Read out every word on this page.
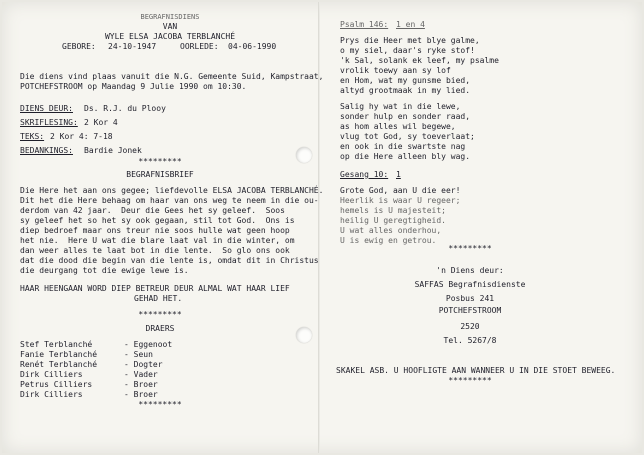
BEGRAFNISDIENS
VAN
WYLE ELSA JACOBA TERBLANCHÉ
GEBORE: 24-10-1947	OORLEDE: 04-06-1990
Die diens vind plaas vanuit die N.G. Gemeente Suid, Kampstraat,
POTCHEFSTROOM op Maandag 9 Julie 1990 om 10:30.
DIENS DEUR: Ds. R.J. du Plooy
SKRIFLESING: 2 Kor 4
TEKS: 2 Kor 4: 7-18
BEDANKINGS: Bardie Jonek
*********
BEGRAFNISBRIEF
Die Here het aan ons gegee; liefdevolle ELSA JACOBA TERBLANCHÉ.
Dit het die Here behaag om haar van ons weg te neem in die ou-
derdom van 42 jaar.  Deur die Gees het sy geleef.  Soos
sy geleef het so het sy ook gegaan, stil tot God.  Ons is
diep bedroef maar ons treur nie soos hulle wat geen hoop
het nie.  Here U wat die blare laat val in die winter, om
dan weer alles te laat bot in die lente.  So glo ons ook
dat die dood die begin van die lente is, omdat dit in Christus
die deurgang tot die ewige lewe is.
HAAR HEENGAAN WORD DIEP BETREUR DEUR ALMAL WAT HAAR LIEF
GEHAD HET.
*********
DRAERS
Stef Terblanché	- Eggenoot
Fanie Terblanché	- Seun
Renét Terblanché	- Dogter
Dirk Cilliers	- Vader
Petrus Cilliers	- Broer
Dirk Cilliers	- Broer
*********
Psalm 146: 1 en 4
Prys die Heer met blye galme,
o my siel, daar's ryke stof!
'k Sal, solank ek leef, my psalme
vrolik toewy aan sy lof
en Hom, wat my gunsme bied,
altyd grootmaak in my lied.
Salig hy wat in die lewe,
sonder hulp en sonder raad,
as hom alles wil begewe,
vlug tot God, sy toeverlaat;
en ook in die swartste nag
op die Here alleen bly wag.
Gesang 10: 1
Grote God, aan U die eer!
Heerlik is waar U regeer;
hemels is U majesteit;
heilig U geregtigheid.
U wat alles onderhou,
U is ewig en getrou.
*********
'n Diens deur:
SAFFAS Begrafnisdienste
Posbus 241
POTCHEFSTROOM
2520
Tel. 5267/8
SKAKEL ASB. U HOOFLIGTE AAN WANNEER U IN DIE STOET BEWEEG.
*********
